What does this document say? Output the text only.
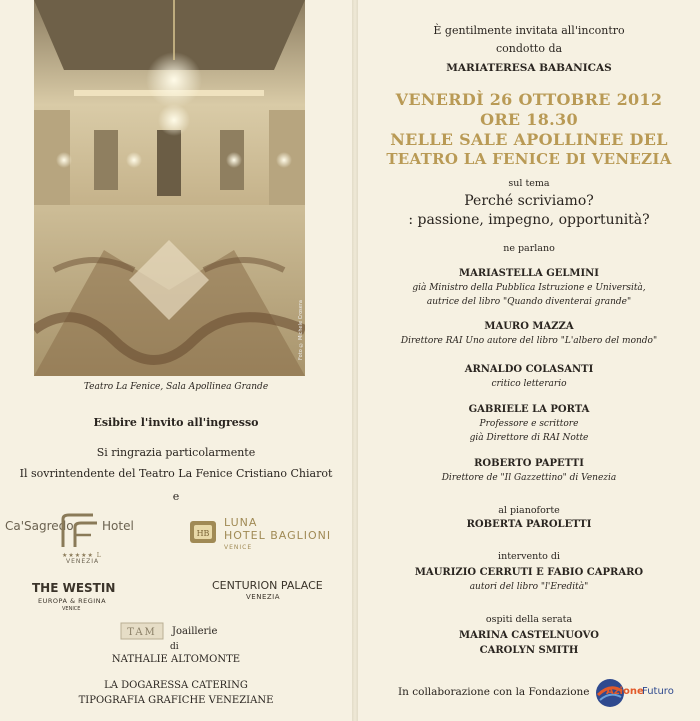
Foto © Michele Crosera
Teatro La Fenice, Sala Apollinea Grande
Esibire l'invito all'ingresso
Si ringrazia particolarmente
Il sovrintendente del Teatro La Fenice Cristiano Chiarot
e
Ca'Sagredo Hotel
★★★★★ L
VENEZIA
HB
LUNA
HOTEL BAGLIONI
VENICE
THE WESTIN
EUROPA & REGINA
VENICE
CENTURION PALACE
VENEZIA
TAM Joaillerie
di
NATHALIE ALTOMONTE
LA DOGARESSA CATERING
TIPOGRAFIA GRAFICHE VENEZIANE
È gentilmente invitata all'incontro
condotto da
MARIATERESA BABANICAS
VENERDÌ 26 OTTOBRE 2012
ORE 18.30
NELLE SALE APOLLINEE DEL
TEATRO LA FENICE DI VENEZIA
sul tema
Perché scriviamo?
: passione, impegno, opportunità?
ne parlano
MARIASTELLA GELMINI
già Ministro della Pubblica Istruzione e Università,
autrice del libro "Quando diventerai grande"
MAURO MAZZA
Direttore RAI Uno autore del libro "L'albero del mondo"
ARNALDO COLASANTI
critico letterario
GABRIELE LA PORTA
Professore e scrittore
già Direttore di RAI Notte
ROBERTO PAPETTI
Direttore de "Il Gazzettino" di Venezia
al pianoforte
ROBERTA PAROLETTI
intervento di
MAURIZIO CERRUTI E FABIO CAPRARO
autori del libro "l'Eredità"
ospiti della serata
MARINA CASTELNUOVO
CAROLYN SMITH
In collaborazione con la Fondazione Azione
Futuro
